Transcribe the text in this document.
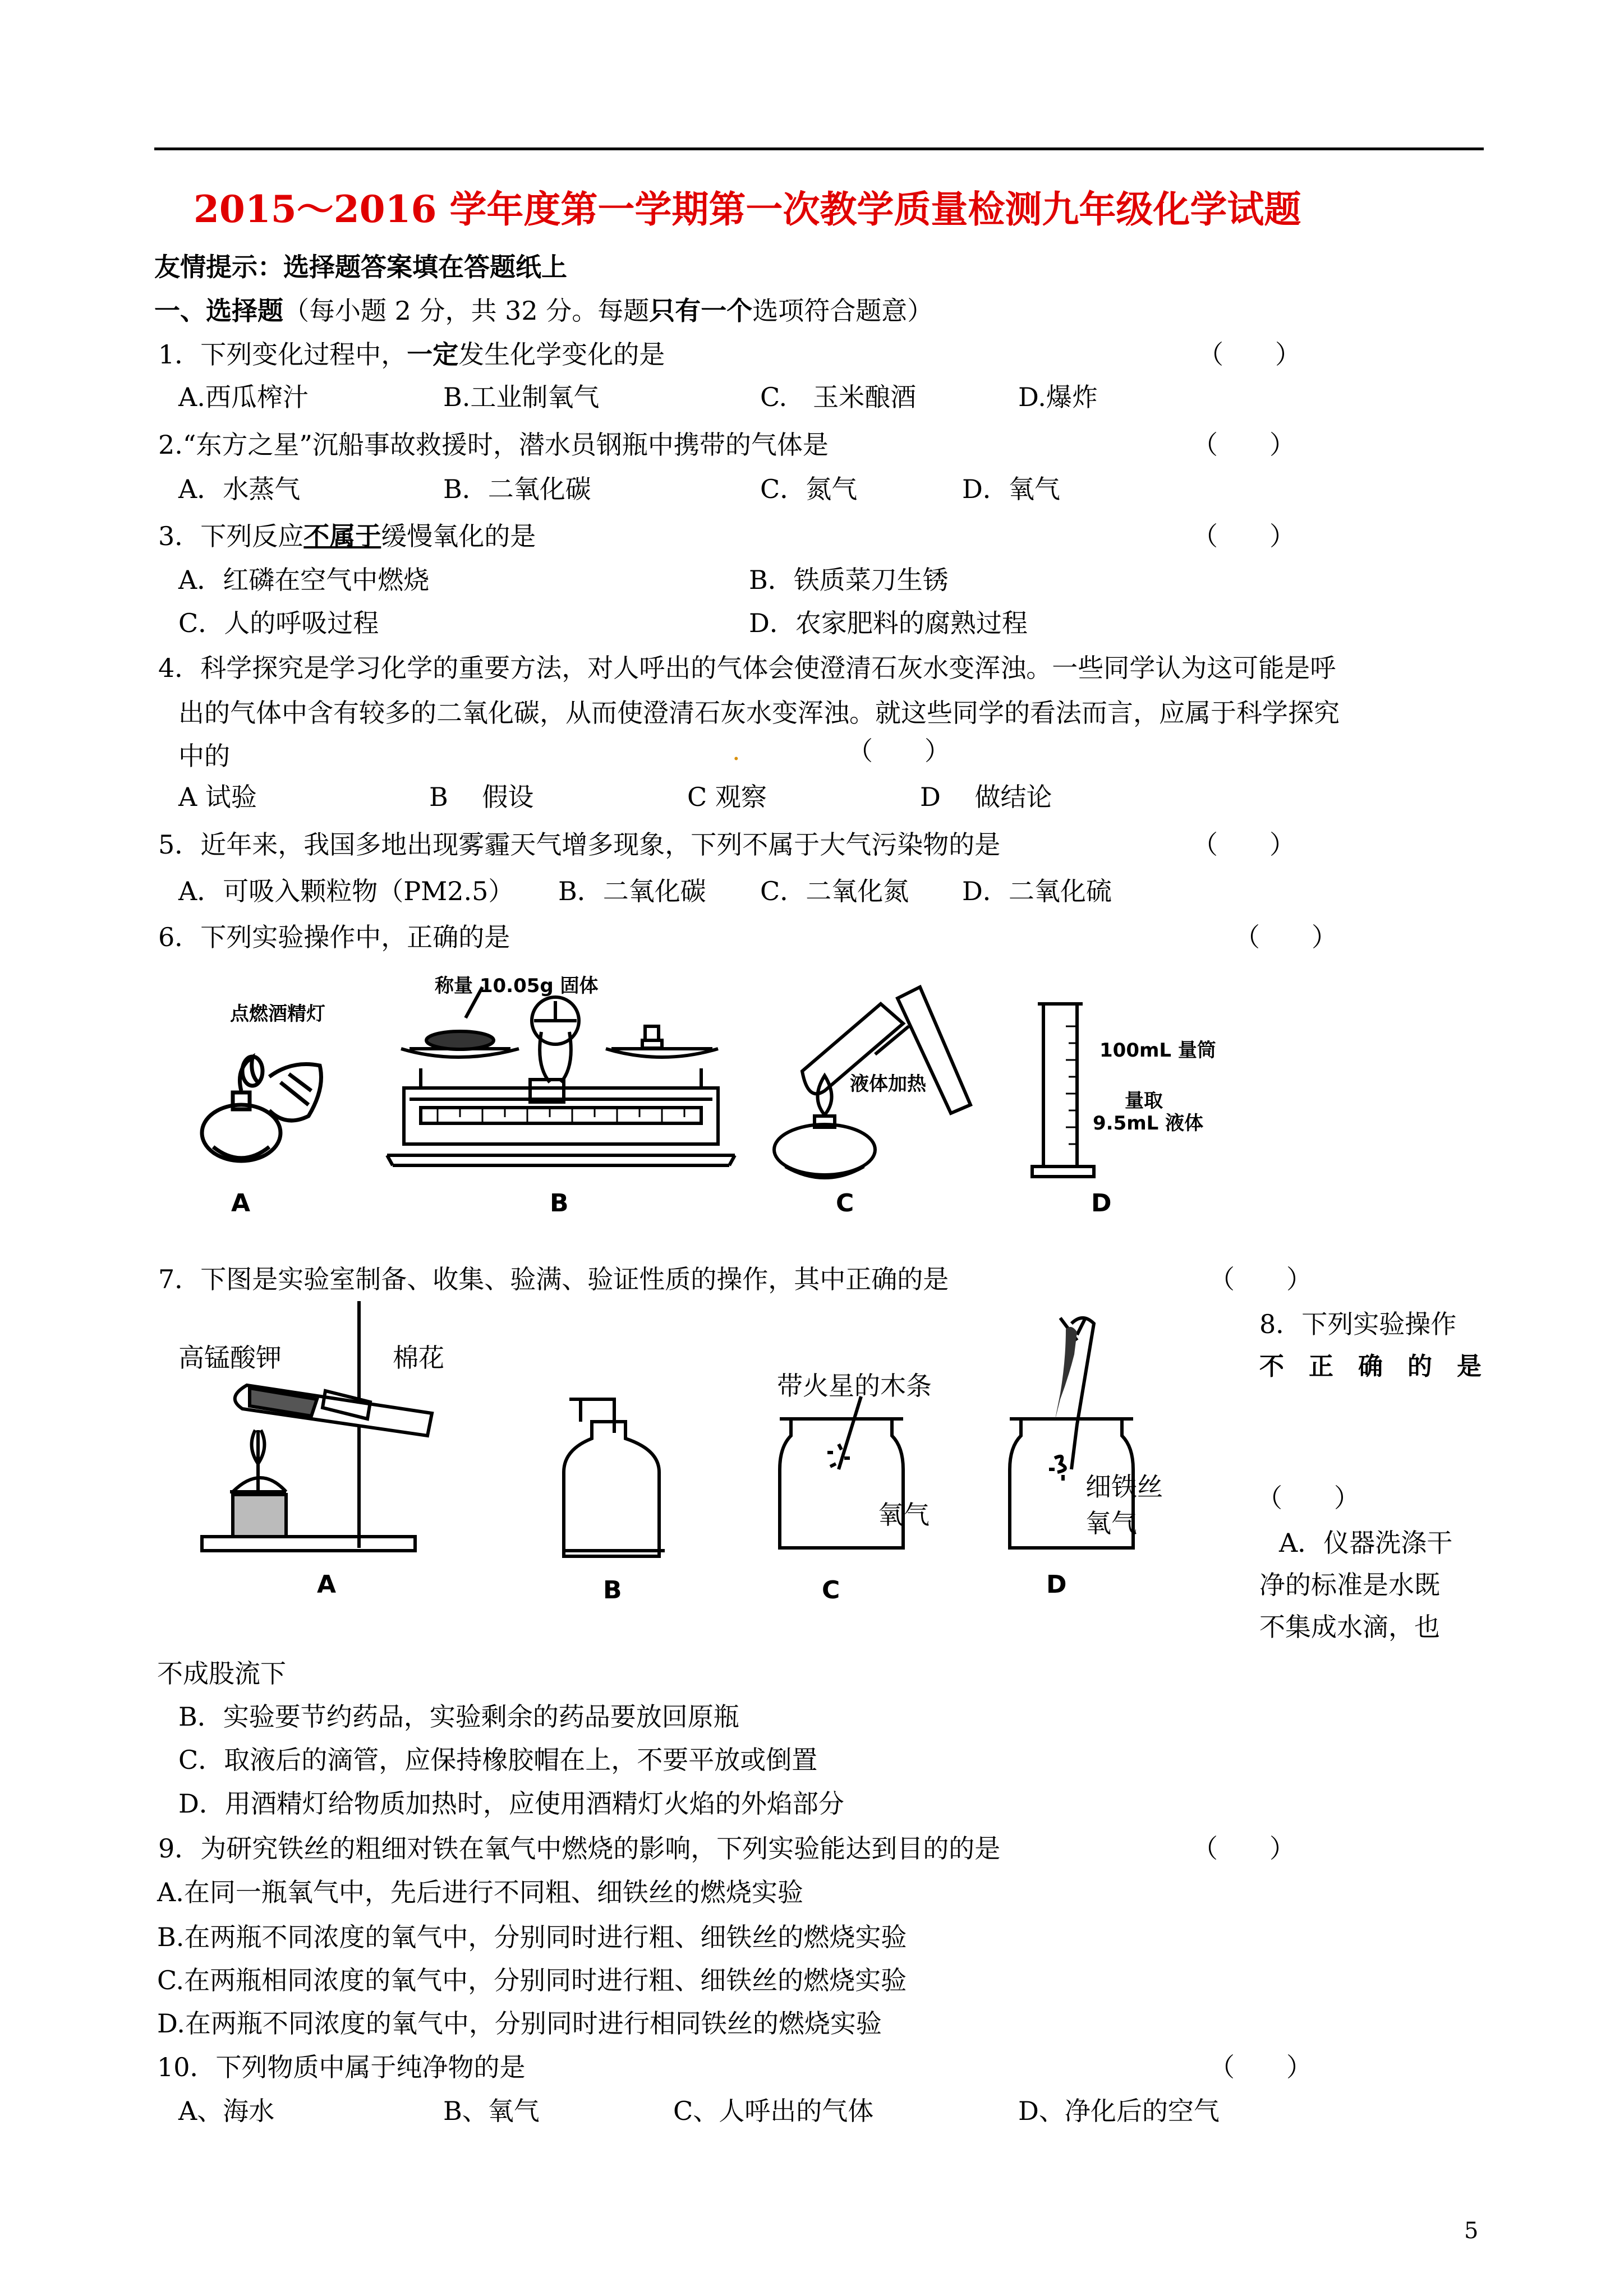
2015～2016 学年度第一学期第一次教学质量检测九年级化学试题
友情提示：选择题答案填在答题纸上
一、选择题（每小题 2 分，共 32 分。每题只有一个选项符合题意）
1．下列变化过程中，一定发生化学变化的是	（　　）
A.西瓜榨汁	B.工业制氧气	C.　玉米酿酒	D.爆炸
2.“东方之星”沉船事故救援时，潜水员钢瓶中携带的气体是	（　　）
A．水蒸气	B．二氧化碳	C．氮气	D．氧气
3．下列反应不属于缓慢氧化的是	（　　）
A．红磷在空气中燃烧	B．铁质菜刀生锈
C．人的呼吸过程	D．农家肥料的腐熟过程
4．科学探究是学习化学的重要方法，对人呼出的气体会使澄清石灰水变浑浊。一些同学认为这可能是呼
出的气体中含有较多的二氧化碳，从而使澄清石灰水变浑浊。就这些同学的看法而言，应属于科学探究
中的	.	（　　）
A 试验	B　 假设	C 观察	D　 做结论
5．近年来，我国多地出现雾霾天气增多现象，下列不属于大气污染物的是	（　　）
A．可吸入颗粒物（PM2.5） B．二氧化碳 C．二氧化氮 D．二氧化硫
6．下列实验操作中，正确的是	（　　）
点燃酒精灯
A
称量 10.05g 固体
B
液体加热
C
100mL 量筒
量取
9.5mL 液体
D
7．下图是实验室制备、收集、验满、验证性质的操作，其中正确的是	（　　）
高锰酸钾	棉花
A	B
带火星的木条
氧气
C
细铁丝
氧气
D
8．下列实验操作
不　正　确　的　是
（　　）
A．仪器洗涤干
净的标准是水既
不集成水滴，也
不成股流下
B．实验要节约药品，实验剩余的药品要放回原瓶
C．取液后的滴管，应保持橡胶帽在上，不要平放或倒置
D．用酒精灯给物质加热时，应使用酒精灯火焰的外焰部分
9．为研究铁丝的粗细对铁在氧气中燃烧的影响，下列实验能达到目的的是	（　　）
A.在同一瓶氧气中，先后进行不同粗、细铁丝的燃烧实验
B.在两瓶不同浓度的氧气中，分别同时进行粗、细铁丝的燃烧实验
C.在两瓶相同浓度的氧气中，分别同时进行粗、细铁丝的燃烧实验
D.在两瓶不同浓度的氧气中，分别同时进行相同铁丝的燃烧实验
10．下列物质中属于纯净物的是	（　　）
A、海水	B、氧气	C、人呼出的气体	D、净化后的空气
5
